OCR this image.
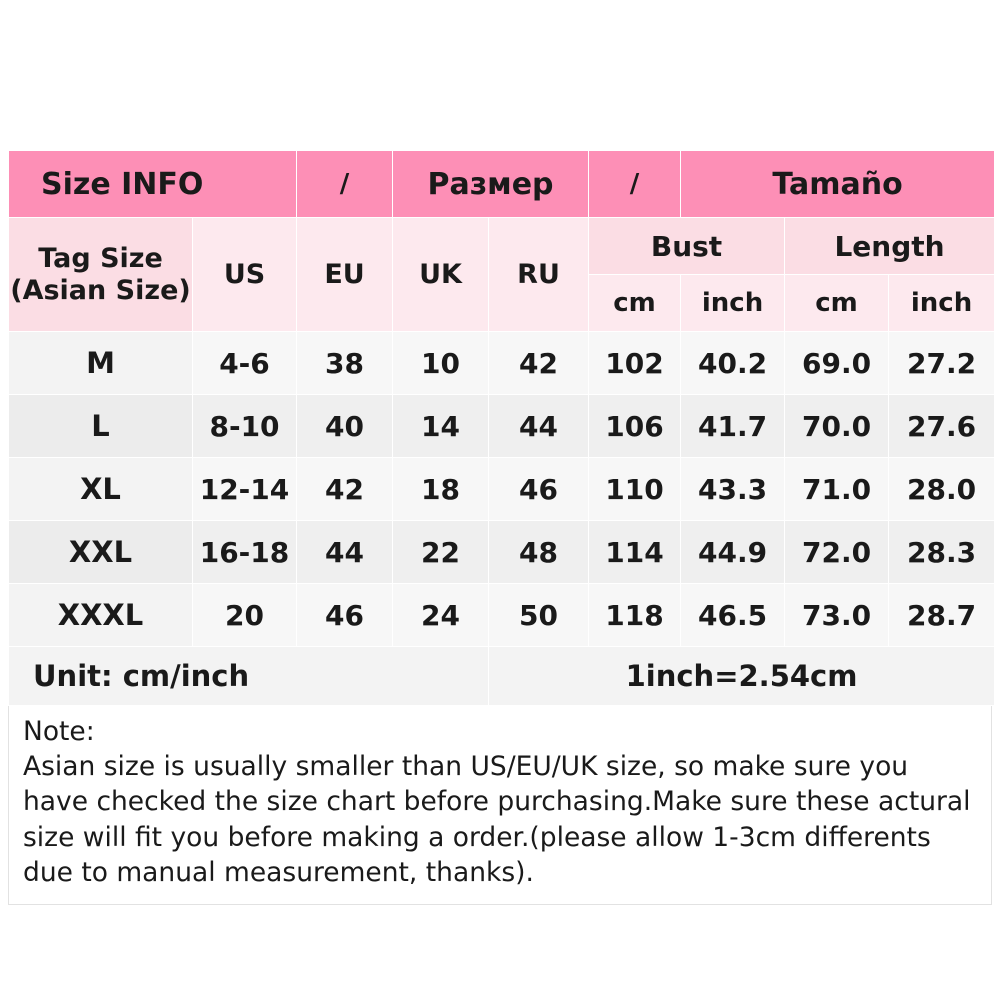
Size INFO		/	Размер		/	Tamaño		

Tag Size
(Asian Size)	US	EU	UK	RU	Bust		Length	
					cm	inch	cm	inch
M	4-6	38	10	42	102	40.2	69.0	27.2
L	8-10	40	14	44	106	41.7	70.0	27.6
XL	12-14	42	18	46	110	43.3	71.0	28.0
XXL	16-18	44	22	48	114	44.9	72.0	28.3
XXXL	20	46	24	50	118	46.5	73.0	28.7
Unit: cm/inch				1inch=2.54cm				
Note:
Asian size is usually smaller than US/EU/UK size, so make sure you have checked the size chart before purchasing.Make sure these actural size will fit you before making a order.(please allow 1-3cm differents due to manual measurement, thanks).
